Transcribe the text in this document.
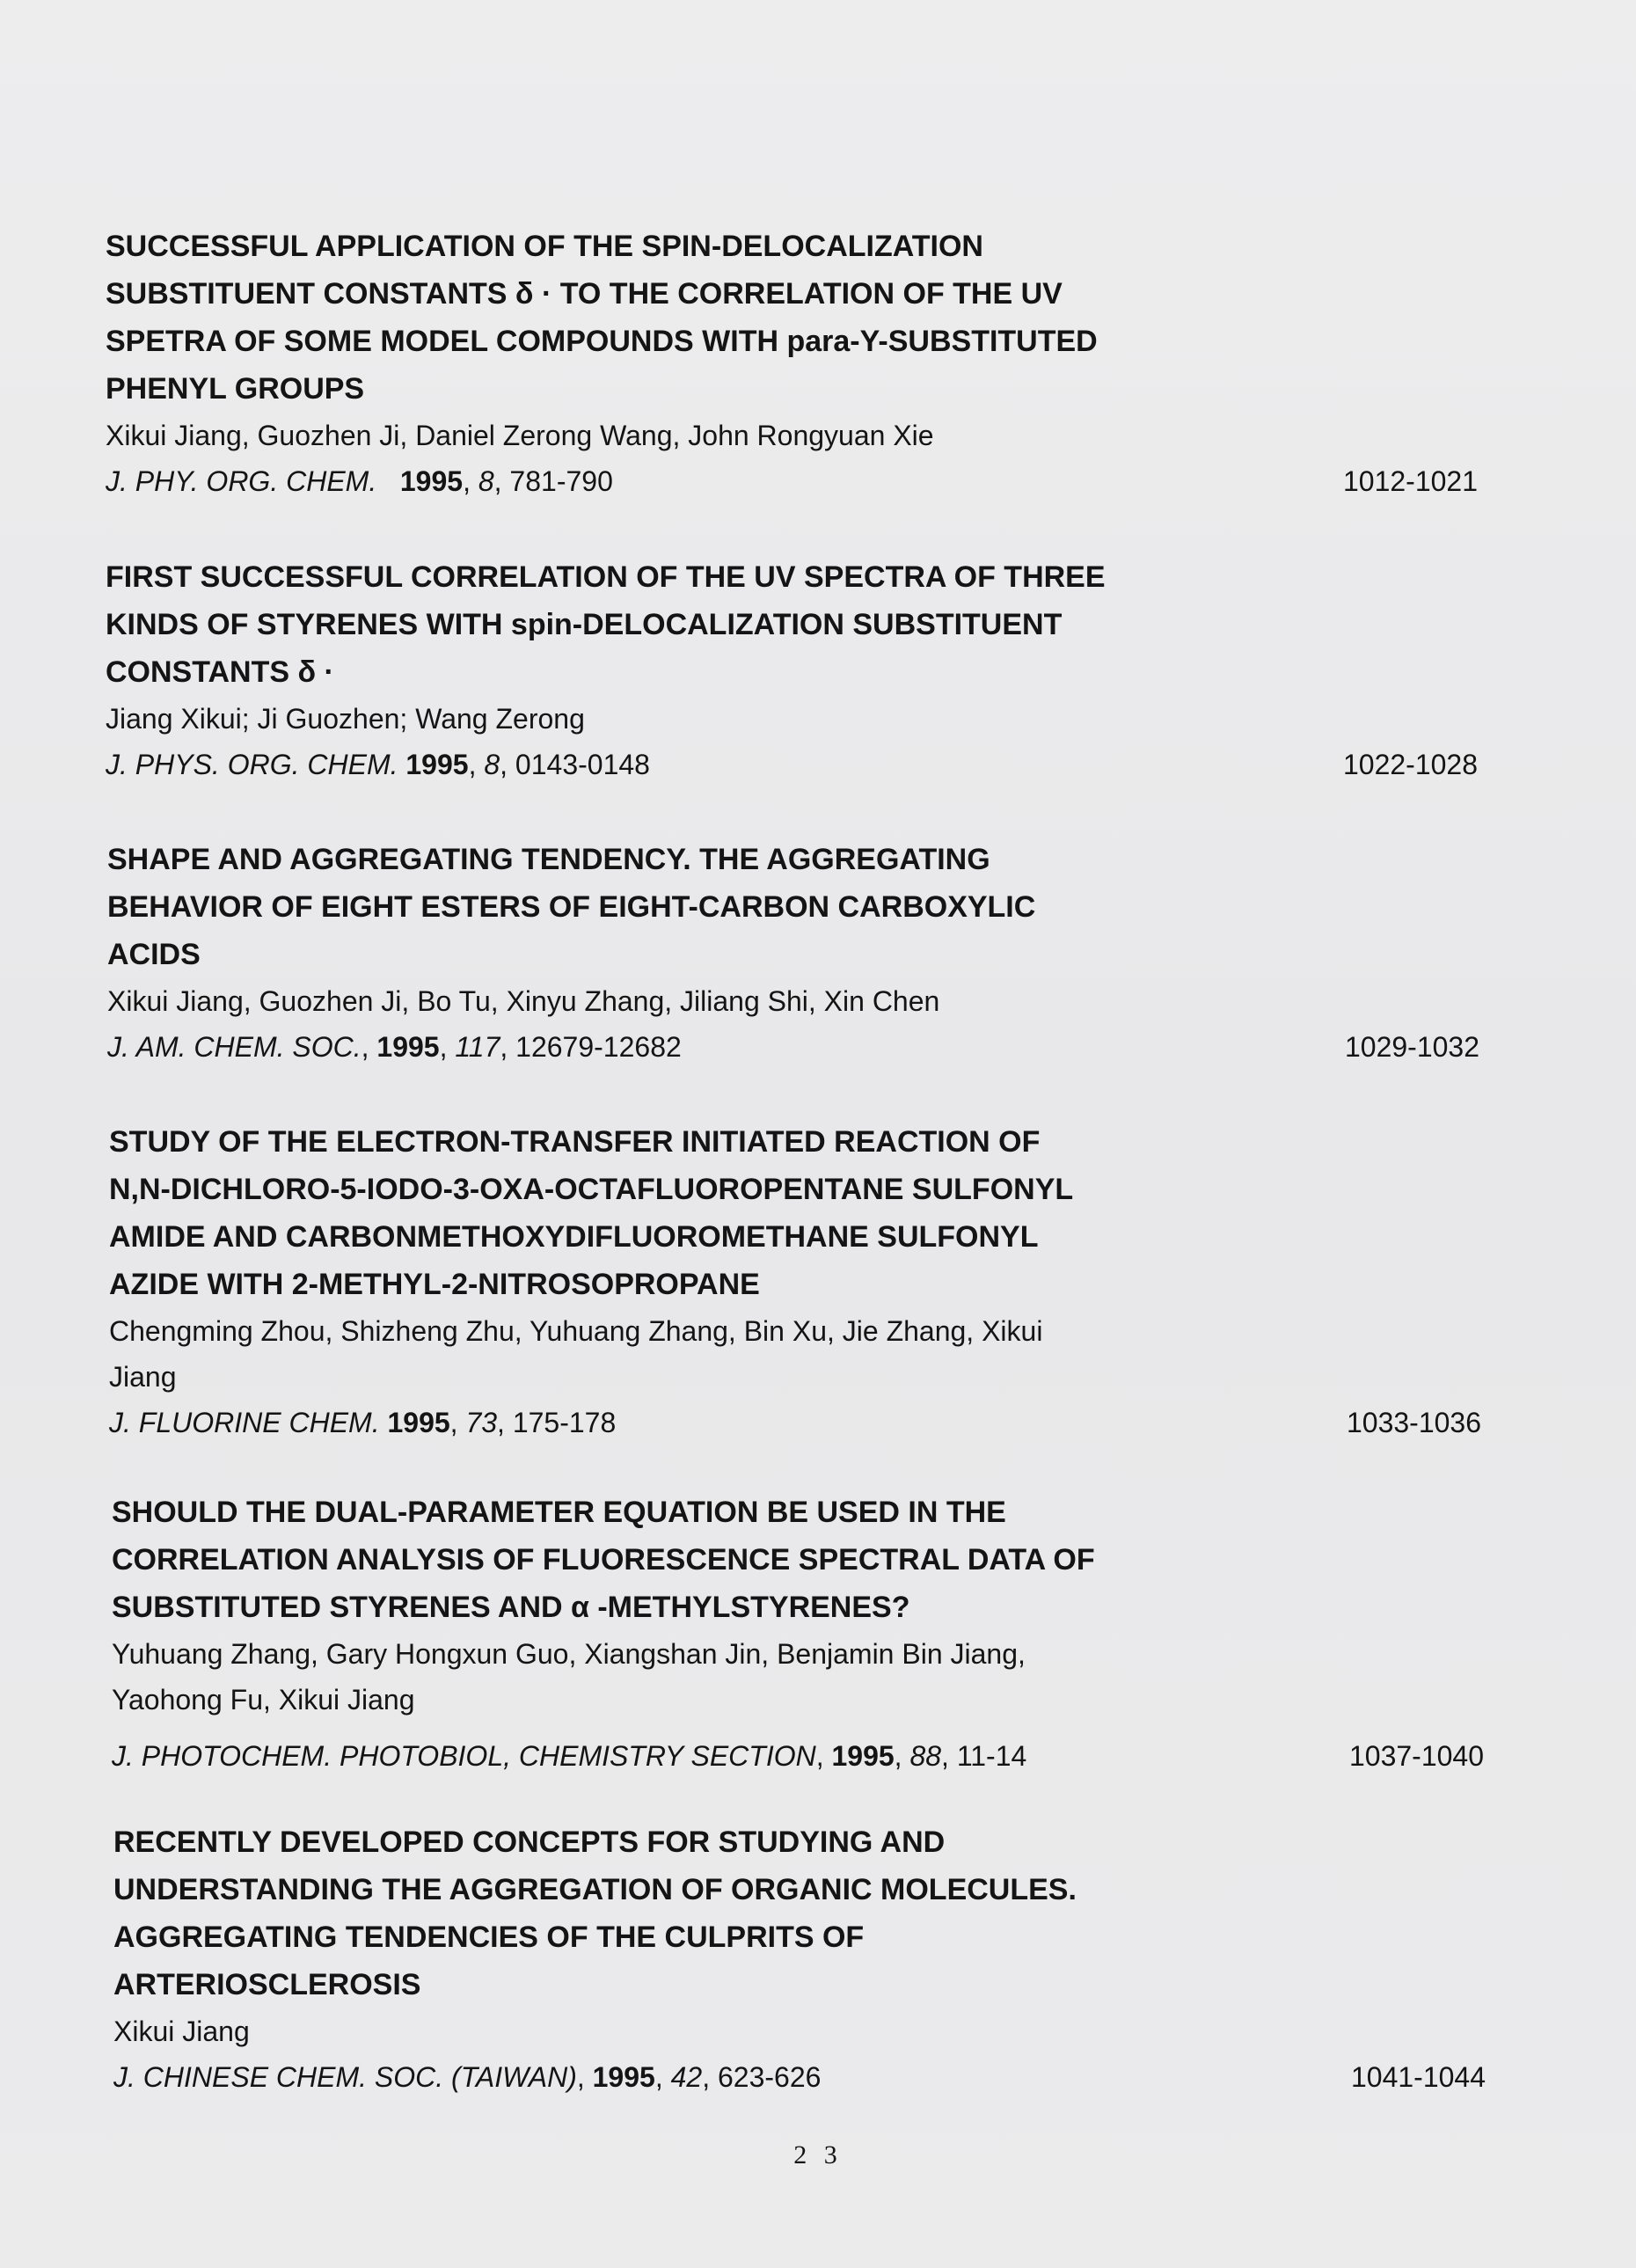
SUCCESSFUL APPLICATION OF THE SPIN-DELOCALIZATION
SUBSTITUENT CONSTANTS δ · TO THE CORRELATION OF THE UV
SPETRA OF SOME MODEL COMPOUNDS WITH para-Y-SUBSTITUTED
PHENYL GROUPS
Xikui Jiang, Guozhen Ji, Daniel Zerong Wang, John Rongyuan Xie
J. PHY. ORG. CHEM. 1995, 8, 781-790	1012-1021
FIRST SUCCESSFUL CORRELATION OF THE UV SPECTRA OF THREE
KINDS OF STYRENES WITH spin-DELOCALIZATION SUBSTITUENT
CONSTANTS δ ·
Jiang Xikui; Ji Guozhen; Wang Zerong
J. PHYS. ORG. CHEM. 1995, 8, 0143-0148	1022-1028
SHAPE AND AGGREGATING TENDENCY. THE AGGREGATING
BEHAVIOR OF EIGHT ESTERS OF EIGHT-CARBON CARBOXYLIC
ACIDS
Xikui Jiang, Guozhen Ji, Bo Tu, Xinyu Zhang, Jiliang Shi, Xin Chen
J. AM. CHEM. SOC., 1995, 117, 12679-12682	1029-1032
STUDY OF THE ELECTRON-TRANSFER INITIATED REACTION OF
N,N-DICHLORO-5-IODO-3-OXA-OCTAFLUOROPENTANE SULFONYL
AMIDE AND CARBONMETHOXYDIFLUOROMETHANE SULFONYL
AZIDE WITH 2-METHYL-2-NITROSOPROPANE
Chengming Zhou, Shizheng Zhu, Yuhuang Zhang, Bin Xu, Jie Zhang, Xikui
Jiang
J. FLUORINE CHEM. 1995, 73, 175-178	1033-1036
SHOULD THE DUAL-PARAMETER EQUATION BE USED IN THE
CORRELATION ANALYSIS OF FLUORESCENCE SPECTRAL DATA OF
SUBSTITUTED STYRENES AND α -METHYLSTYRENES?
Yuhuang Zhang, Gary Hongxun Guo, Xiangshan Jin, Benjamin Bin Jiang,
Yaohong Fu, Xikui Jiang
J. PHOTOCHEM. PHOTOBIOL, CHEMISTRY SECTION, 1995, 88, 11-14	1037-1040
RECENTLY DEVELOPED CONCEPTS FOR STUDYING AND
UNDERSTANDING THE AGGREGATION OF ORGANIC MOLECULES.
AGGREGATING TENDENCIES OF THE CULPRITS OF
ARTERIOSCLEROSIS
Xikui Jiang
J. CHINESE CHEM. SOC. (TAIWAN), 1995, 42, 623-626	1041-1044
2 3
